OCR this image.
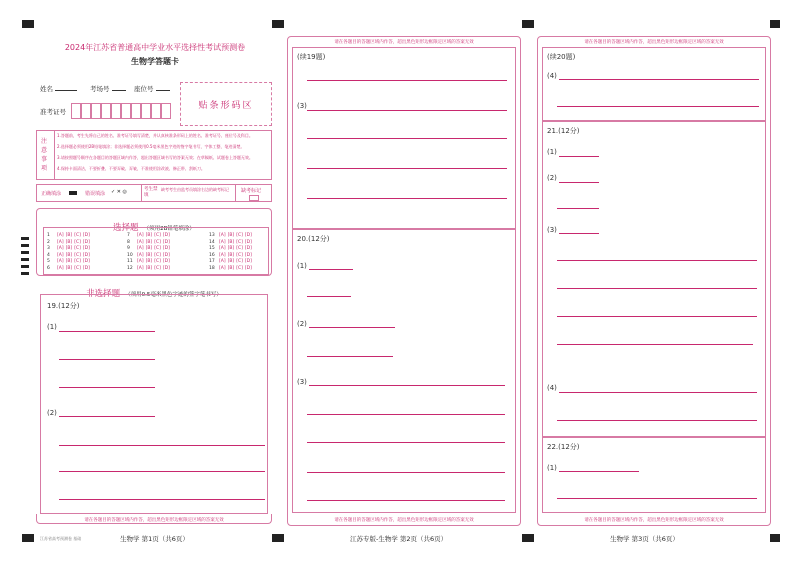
2024年江苏省普通高中学业水平选择性考试预测卷
生物学答题卡
姓名	考场号	座位号
准考证号
贴条形码区
注意事项
1.答题前，考生先将自己的姓名、准考证号填写清楚，并认真核准条形码上的姓名、准考证号、座位号及科目。
2.选择题必须使用2B铅笔填涂；非选择题必须使用0.5毫米黑色字迹的签字笔书写，字体工整、笔迹清楚。
3.请按照题号顺序在各题目的答题区域内作答，超出答题区域书写的答案无效；在草稿纸、试题卷上答题无效。
4.保持卡面清洁，不要折叠、不要弄破、弄皱，不准使用涂改液、修正带、刮纸刀。
正确填涂	错误填涂 ✓ ✕ ◎	考生禁填
缺考考生由监考员填涂右边的缺考标记	缺考标记
选择题 （须用2B铅笔填涂）
1 [A] [B] [C] [D]
2 [A] [B] [C] [D]
3 [A] [B] [C] [D]
4 [A] [B] [C] [D]
5 [A] [B] [C] [D]
6 [A] [B] [C] [D]
7 [A] [B] [C] [D]
8 [A] [B] [C] [D]
9 [A] [B] [C] [D]
10 [A] [B] [C] [D]
11 [A] [B] [C] [D]
12 [A] [B] [C] [D]
13 [A] [B] [C] [D]
14 [A] [B] [C] [D]
15 [A] [B] [C] [D]
16 [A] [B] [C] [D]
17 [A] [B] [C] [D]
18 [A] [B] [C] [D]
非选择题 （须用0.5毫米黑色字迹的签字笔书写）
19.(12分)
(1)
(2)
请在各题目的答题区域内作答，超出黑色矩形边框限定区域的答案无效
江苏省高考预测卷 基础	生物学 第1页（共6页）
请在各题目的答题区域内作答，超出黑色矩形边框限定区域的答案无效
(续19题)
(3)
20.(12分)
(1)
(2)
(3)
请在各题目的答题区域内作答，超出黑色矩形边框限定区域的答案无效
江苏专版-生物学 第2页（共6页）
请在各题目的答题区域内作答，超出黑色矩形边框限定区域的答案无效
(续20题)
(4)
21.(12分)
(1)
(2)
(3)
(4)
22.(12分)
(1)
请在各题目的答题区域内作答，超出黑色矩形边框限定区域的答案无效
生物学 第3页（共6页）
